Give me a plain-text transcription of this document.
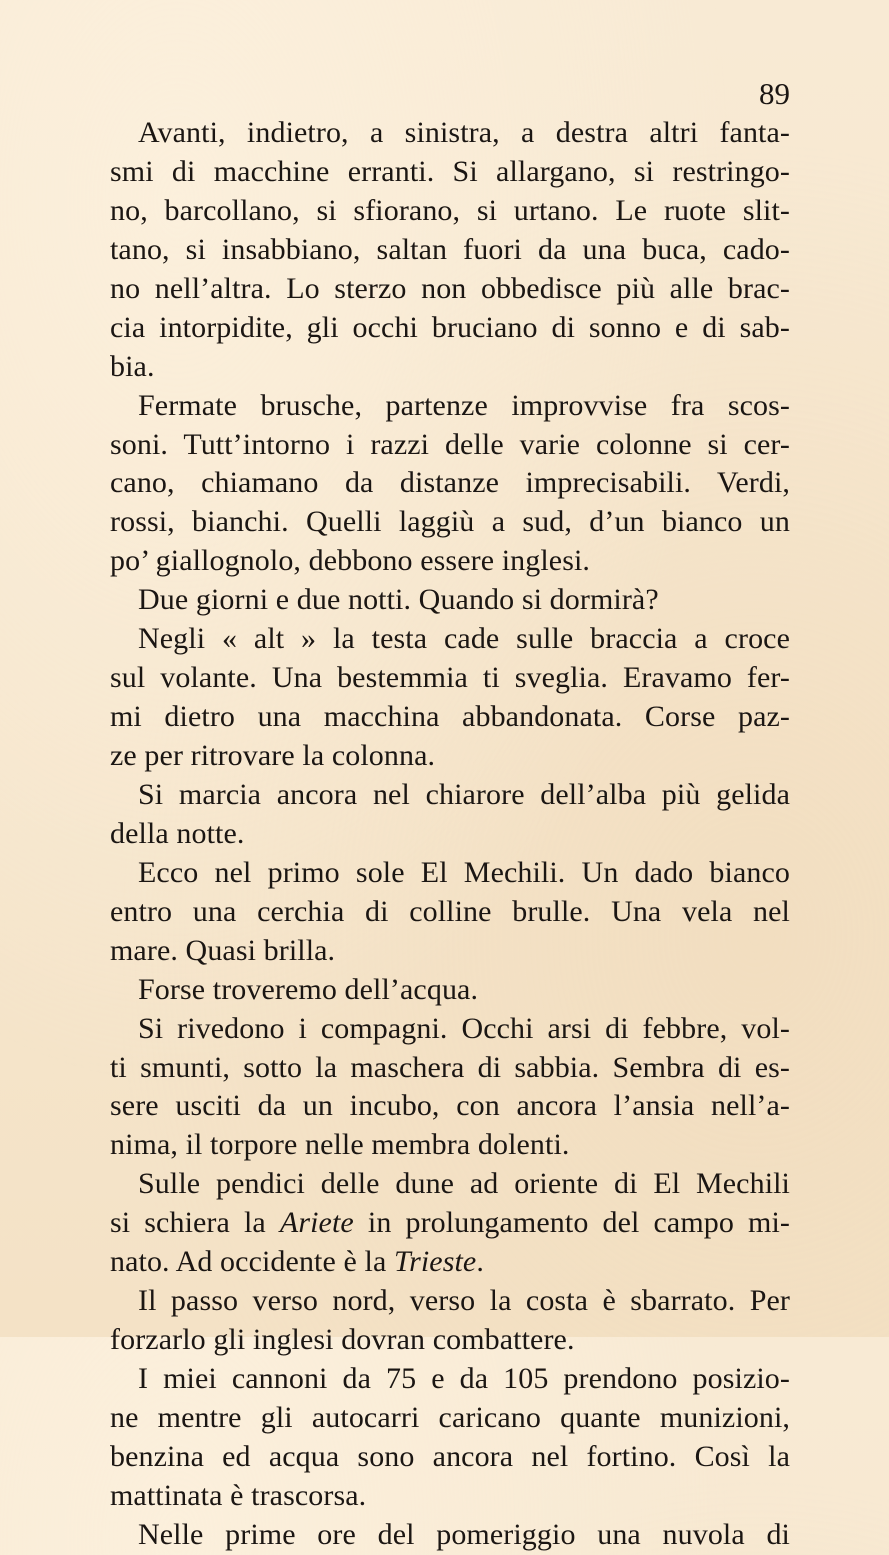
89
Avanti, indietro, a sinistra, a destra altri fanta-
smi di macchine erranti. Si allargano, si restringo-
no, barcollano, si sfiorano, si urtano. Le ruote slit-
tano, si insabbiano, saltan fuori da una buca, cado-
no nell’altra. Lo sterzo non obbedisce più alle brac-
cia intorpidite, gli occhi bruciano di sonno e di sab-
bia.
Fermate brusche, partenze improvvise fra scos-
soni. Tutt’intorno i razzi delle varie colonne si cer-
cano, chiamano da distanze imprecisabili. Verdi,
rossi, bianchi. Quelli laggiù a sud, d’un bianco un
po’ giallognolo, debbono essere inglesi.
Due giorni e due notti. Quando si dormirà?
Negli « alt » la testa cade sulle braccia a croce
sul volante. Una bestemmia ti sveglia. Eravamo fer-
mi dietro una macchina abbandonata. Corse paz-
ze per ritrovare la colonna.
Si marcia ancora nel chiarore dell’alba più gelida
della notte.
Ecco nel primo sole El Mechili. Un dado bianco
entro una cerchia di colline brulle. Una vela nel
mare. Quasi brilla.
Forse troveremo dell’acqua.
Si rivedono i compagni. Occhi arsi di febbre, vol-
ti smunti, sotto la maschera di sabbia. Sembra di es-
sere usciti da un incubo, con ancora l’ansia nell’a-
nima, il torpore nelle membra dolenti.
Sulle pendici delle dune ad oriente di El Mechili
si schiera la Ariete in prolungamento del campo mi-
nato. Ad occidente è la Trieste.
Il passo verso nord, verso la costa è sbarrato. Per
forzarlo gli inglesi dovran combattere.
I miei cannoni da 75 e da 105 prendono posizio-
ne mentre gli autocarri caricano quante munizioni,
benzina ed acqua sono ancora nel fortino. Così la
mattinata è trascorsa.
Nelle prime ore del pomeriggio una nuvola di
